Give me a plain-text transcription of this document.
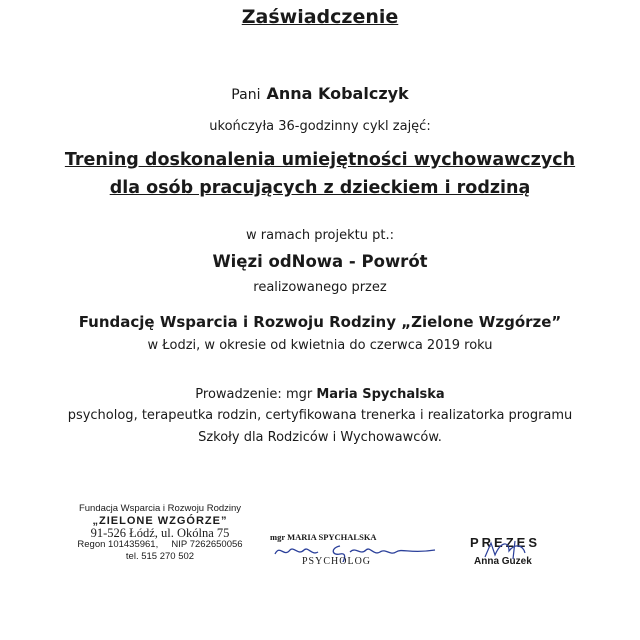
Zaświadczenie
Pani Anna Kobalczyk
ukończyła 36-godzinny cykl zajęć:
Trening doskonalenia umiejętności wychowawczych
dla osób pracujących z dzieckiem i rodziną
w ramach projektu pt.:
Więzi odNowa - Powrót
realizowanego przez
Fundację Wsparcia i Rozwoju Rodziny „Zielone Wzgórze”
w Łodzi, w okresie od kwietnia do czerwca 2019 roku
Prowadzenie: mgr Maria Spychalska
psycholog, terapeutka rodzin, certyfikowana trenerka i realizatorka programu
Szkoły dla Rodziców i Wychowawców.
Fundacja Wsparcia i Rozwoju Rodziny
„ZIELONE WZGÓRZE”
91-526 Łódź, ul. Okólna 75
Regon 101435961,     NIP 7262650056
tel. 515 270 502
mgr MARIA SPYCHALSKA
PSYCHOLOG
PREZES
Anna Guzek
